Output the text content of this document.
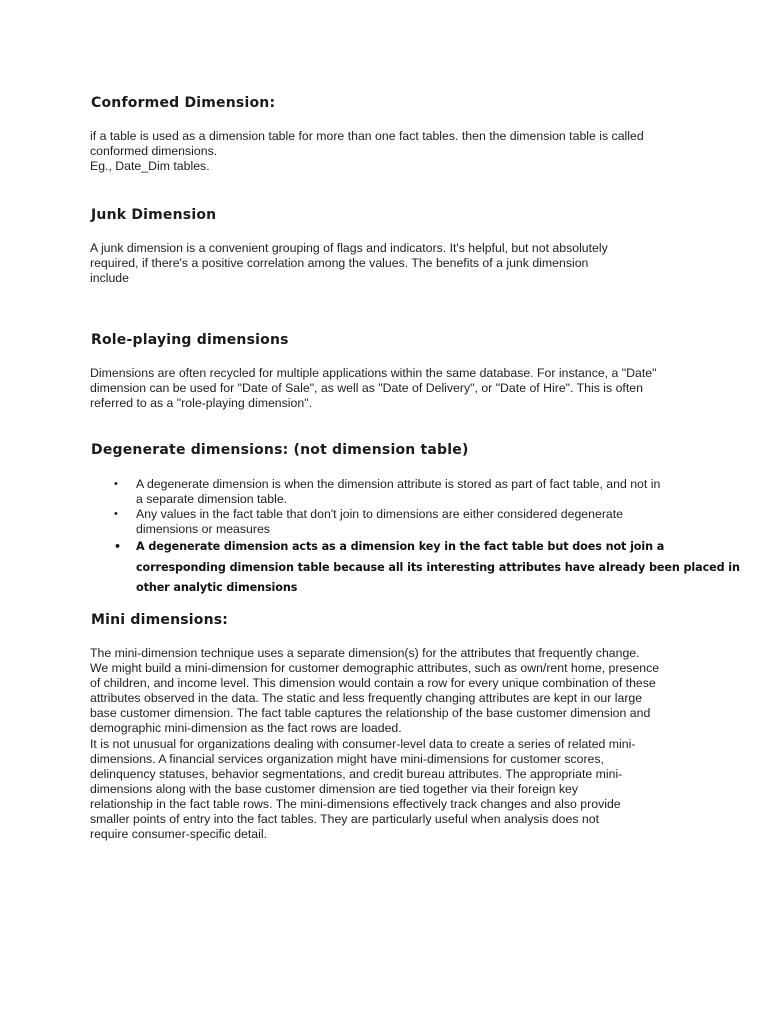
Conformed Dimension:

if a table is used as a dimension table for more than one fact tables. then the dimension table is called
conformed dimensions.
Eg., Date_Dim tables.

Junk Dimension

A junk dimension is a convenient grouping of flags and indicators. It's helpful, but not absolutely
required, if there's a positive correlation among the values. The benefits of a junk dimension
include

Role-playing dimensions

Dimensions are often recycled for multiple applications within the same database. For instance, a "Date"
dimension can be used for "Date of Sale", as well as "Date of Delivery", or "Date of Hire". This is often
referred to as a "role-playing dimension".

Degenerate dimensions: (not dimension table)
• A degenerate dimension is when the dimension attribute is stored as part of fact table, and not in
a separate dimension table.
• Any values in the fact table that don't join to dimensions are either considered degenerate
dimensions or measures
• A degenerate dimension acts as a dimension key in the fact table but does not join a
corresponding dimension table because all its interesting attributes have already been placed in
other analytic dimensions
Mini dimensions:

The mini-dimension technique uses a separate dimension(s) for the attributes that frequently change.
We might build a mini-dimension for customer demographic attributes, such as own/rent home, presence
of children, and income level. This dimension would contain a row for every unique combination of these
attributes observed in the data. The static and less frequently changing attributes are kept in our large
base customer dimension. The fact table captures the relationship of the base customer dimension and
demographic mini-dimension as the fact rows are loaded.
It is not unusual for organizations dealing with consumer-level data to create a series of related mini-
dimensions. A financial services organization might have mini-dimensions for customer scores,
delinquency statuses, behavior segmentations, and credit bureau attributes. The appropriate mini-
dimensions along with the base customer dimension are tied together via their foreign key
relationship in the fact table rows. The mini-dimensions effectively track changes and also provide
smaller points of entry into the fact tables. They are particularly useful when analysis does not
require consumer-specific detail.
